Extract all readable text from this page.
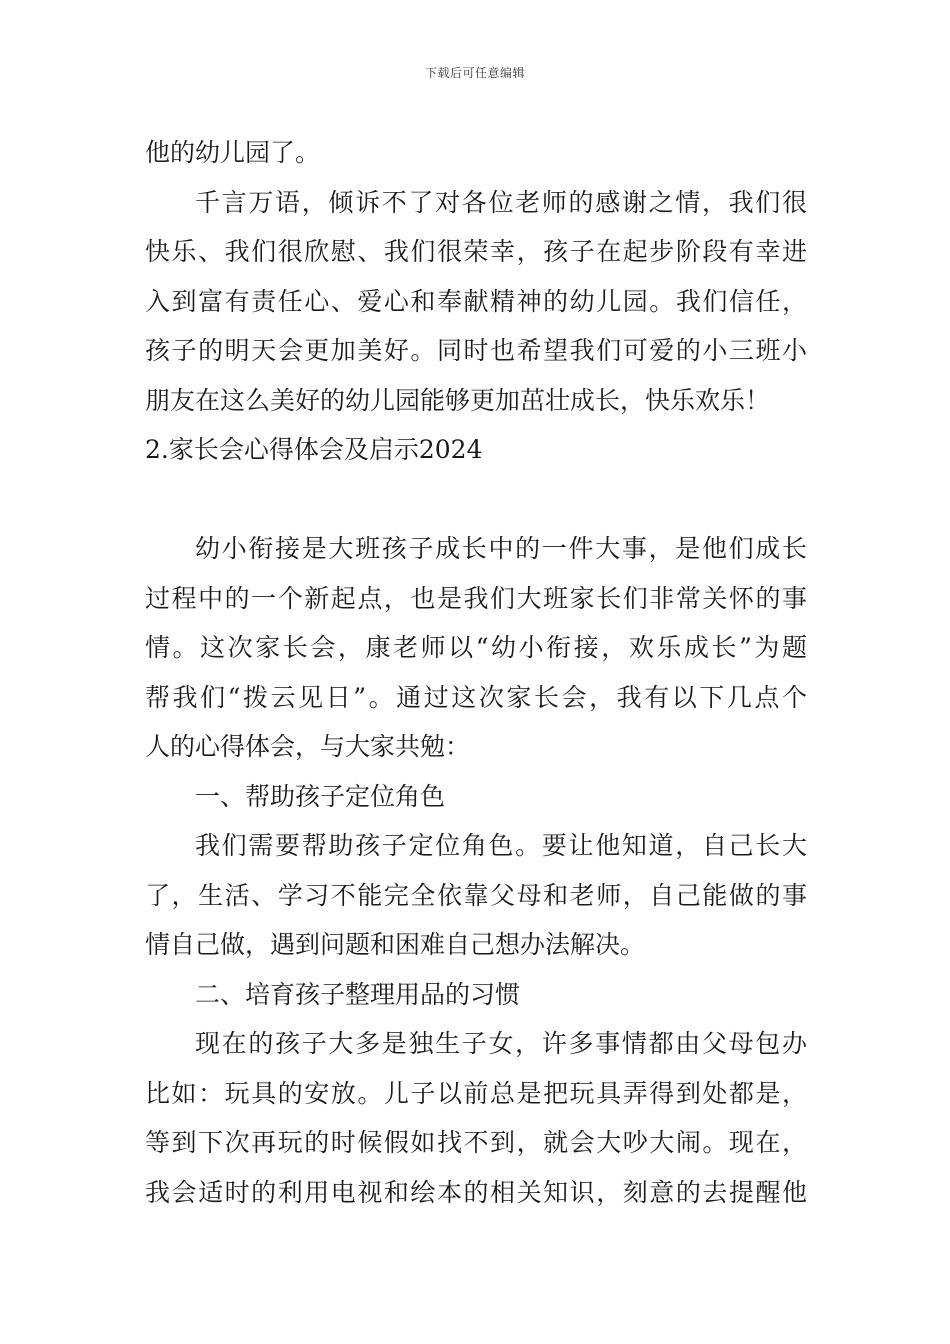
下载后可任意编辑
他的幼儿园了。
千言万语，倾诉不了对各位老师的感谢之情，我们很
快乐、我们很欣慰、我们很荣幸，孩子在起步阶段有幸进
入到富有责任心、爱心和奉献精神的幼儿园。我们信任，
孩子的明天会更加美好。同时也希望我们可爱的小三班小
朋友在这么美好的幼儿园能够更加茁壮成长，快乐欢乐！
2.家长会心得体会及启示2024
幼小衔接是大班孩子成长中的一件大事，是他们成长
过程中的一个新起点，也是我们大班家长们非常关怀的事
情。这次家长会，康老师以“幼小衔接，欢乐成长”为题
帮我们“拨云见日”。通过这次家长会，我有以下几点个
人的心得体会，与大家共勉：
一、帮助孩子定位角色
我们需要帮助孩子定位角色。要让他知道，自己长大
了，生活、学习不能完全依靠父母和老师，自己能做的事
情自己做，遇到问题和困难自己想办法解决。
二、培育孩子整理用品的习惯
现在的孩子大多是独生子女，许多事情都由父母包办
比如：玩具的安放。儿子以前总是把玩具弄得到处都是，
等到下次再玩的时候假如找不到，就会大吵大闹。现在，
我会适时的利用电视和绘本的相关知识，刻意的去提醒他
